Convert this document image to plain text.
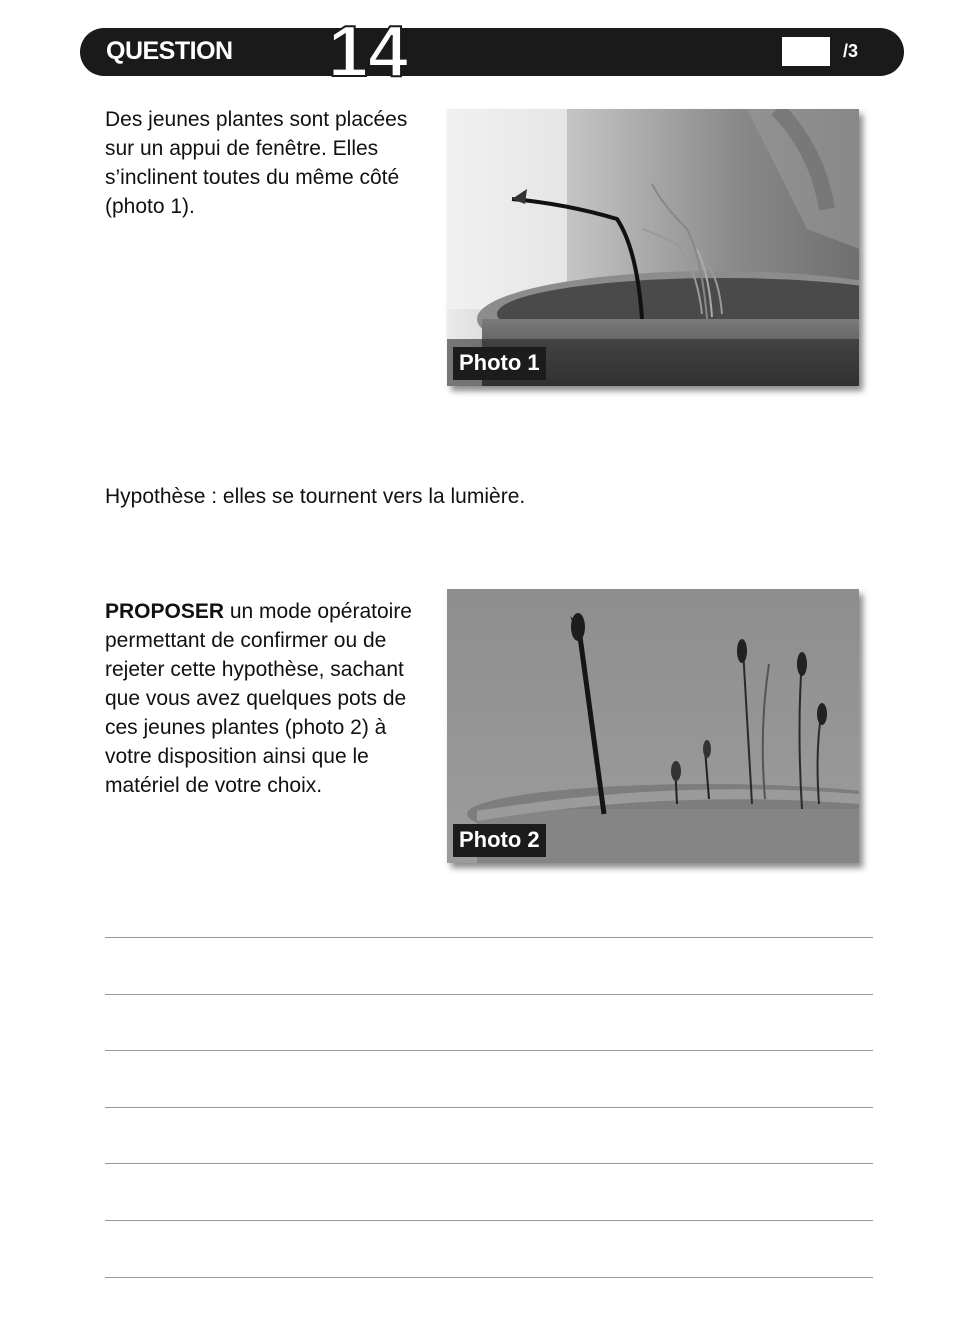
QUESTION 14	/3
Des jeunes plantes sont placées sur un appui de fenêtre. Elles s’inclinent toutes du même côté (photo 1).
Photo 1
Hypothèse : elles se tournent vers la lumière.
PROPOSER un mode opératoire permettant de confirmer ou de rejeter cette hypothèse, sachant que vous avez quelques pots de ces jeunes plantes (photo 2) à votre disposition ainsi que le matériel de votre choix.
Photo 2
